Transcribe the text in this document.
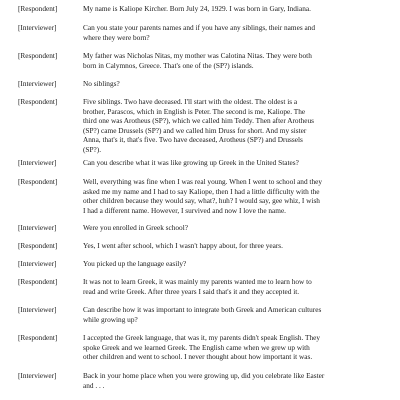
[Respondent]	My name is Kaliope Kircher. Born July 24, 1929. I was born in Gary, Indiana.
[Interviewer]	Can you state your parents names and if you have any siblings, their names and
where they were born?
[Respondent]	My father was Nicholas Nitas, my mother was Calotina Nitas. They were both
born in Calymnos, Greece. That's one of the (SP?) islands.
[Interviewer]	No siblings?
[Respondent]	Five siblings. Two have deceased. I'll start with the oldest. The oldest is a
brother, Parascos, which in English is Peter. The second is me, Kaliope. The
third one was Arotheus (SP?), which we called him Teddy. Then after Arotheus
(SP?) came Drussels (SP?) and we called him Druss for short. And my sister
Anna, that's it, that's five. Two have deceased, Arotheus (SP?) and Drussels
(SP?).
[Interviewer]	Can you describe what it was like growing up Greek in the United States?
[Respondent]	Well, everything was fine when I was real young. When I went to school and they
asked me my name and I had to say Kaliope, then I had a little difficulty with the
other children because they would say, what?, huh? I would say, gee whiz, I wish
I had a different name. However, I survived and now I love the name.
[Interviewer]	Were you enrolled in Greek school?
[Respondent]	Yes, I went after school, which I wasn't happy about, for three years.
[Interviewer]	You picked up the language easily?
[Respondent]	It was not to learn Greek, it was mainly my parents wanted me to learn how to
read and write Greek. After three years I said that's it and they accepted it.
[Interviewer]	Can describe how it was important to integrate both Greek and American cultures
while growing up?
[Respondent]	I accepted the Greek language, that was it, my parents didn't speak English. They
spoke Greek and we learned Greek. The English came when we grew up with
other children and went to school. I never thought about how important it was.
[Interviewer]	Back in your home place when you were growing up, did you celebrate like Easter
and . . .
